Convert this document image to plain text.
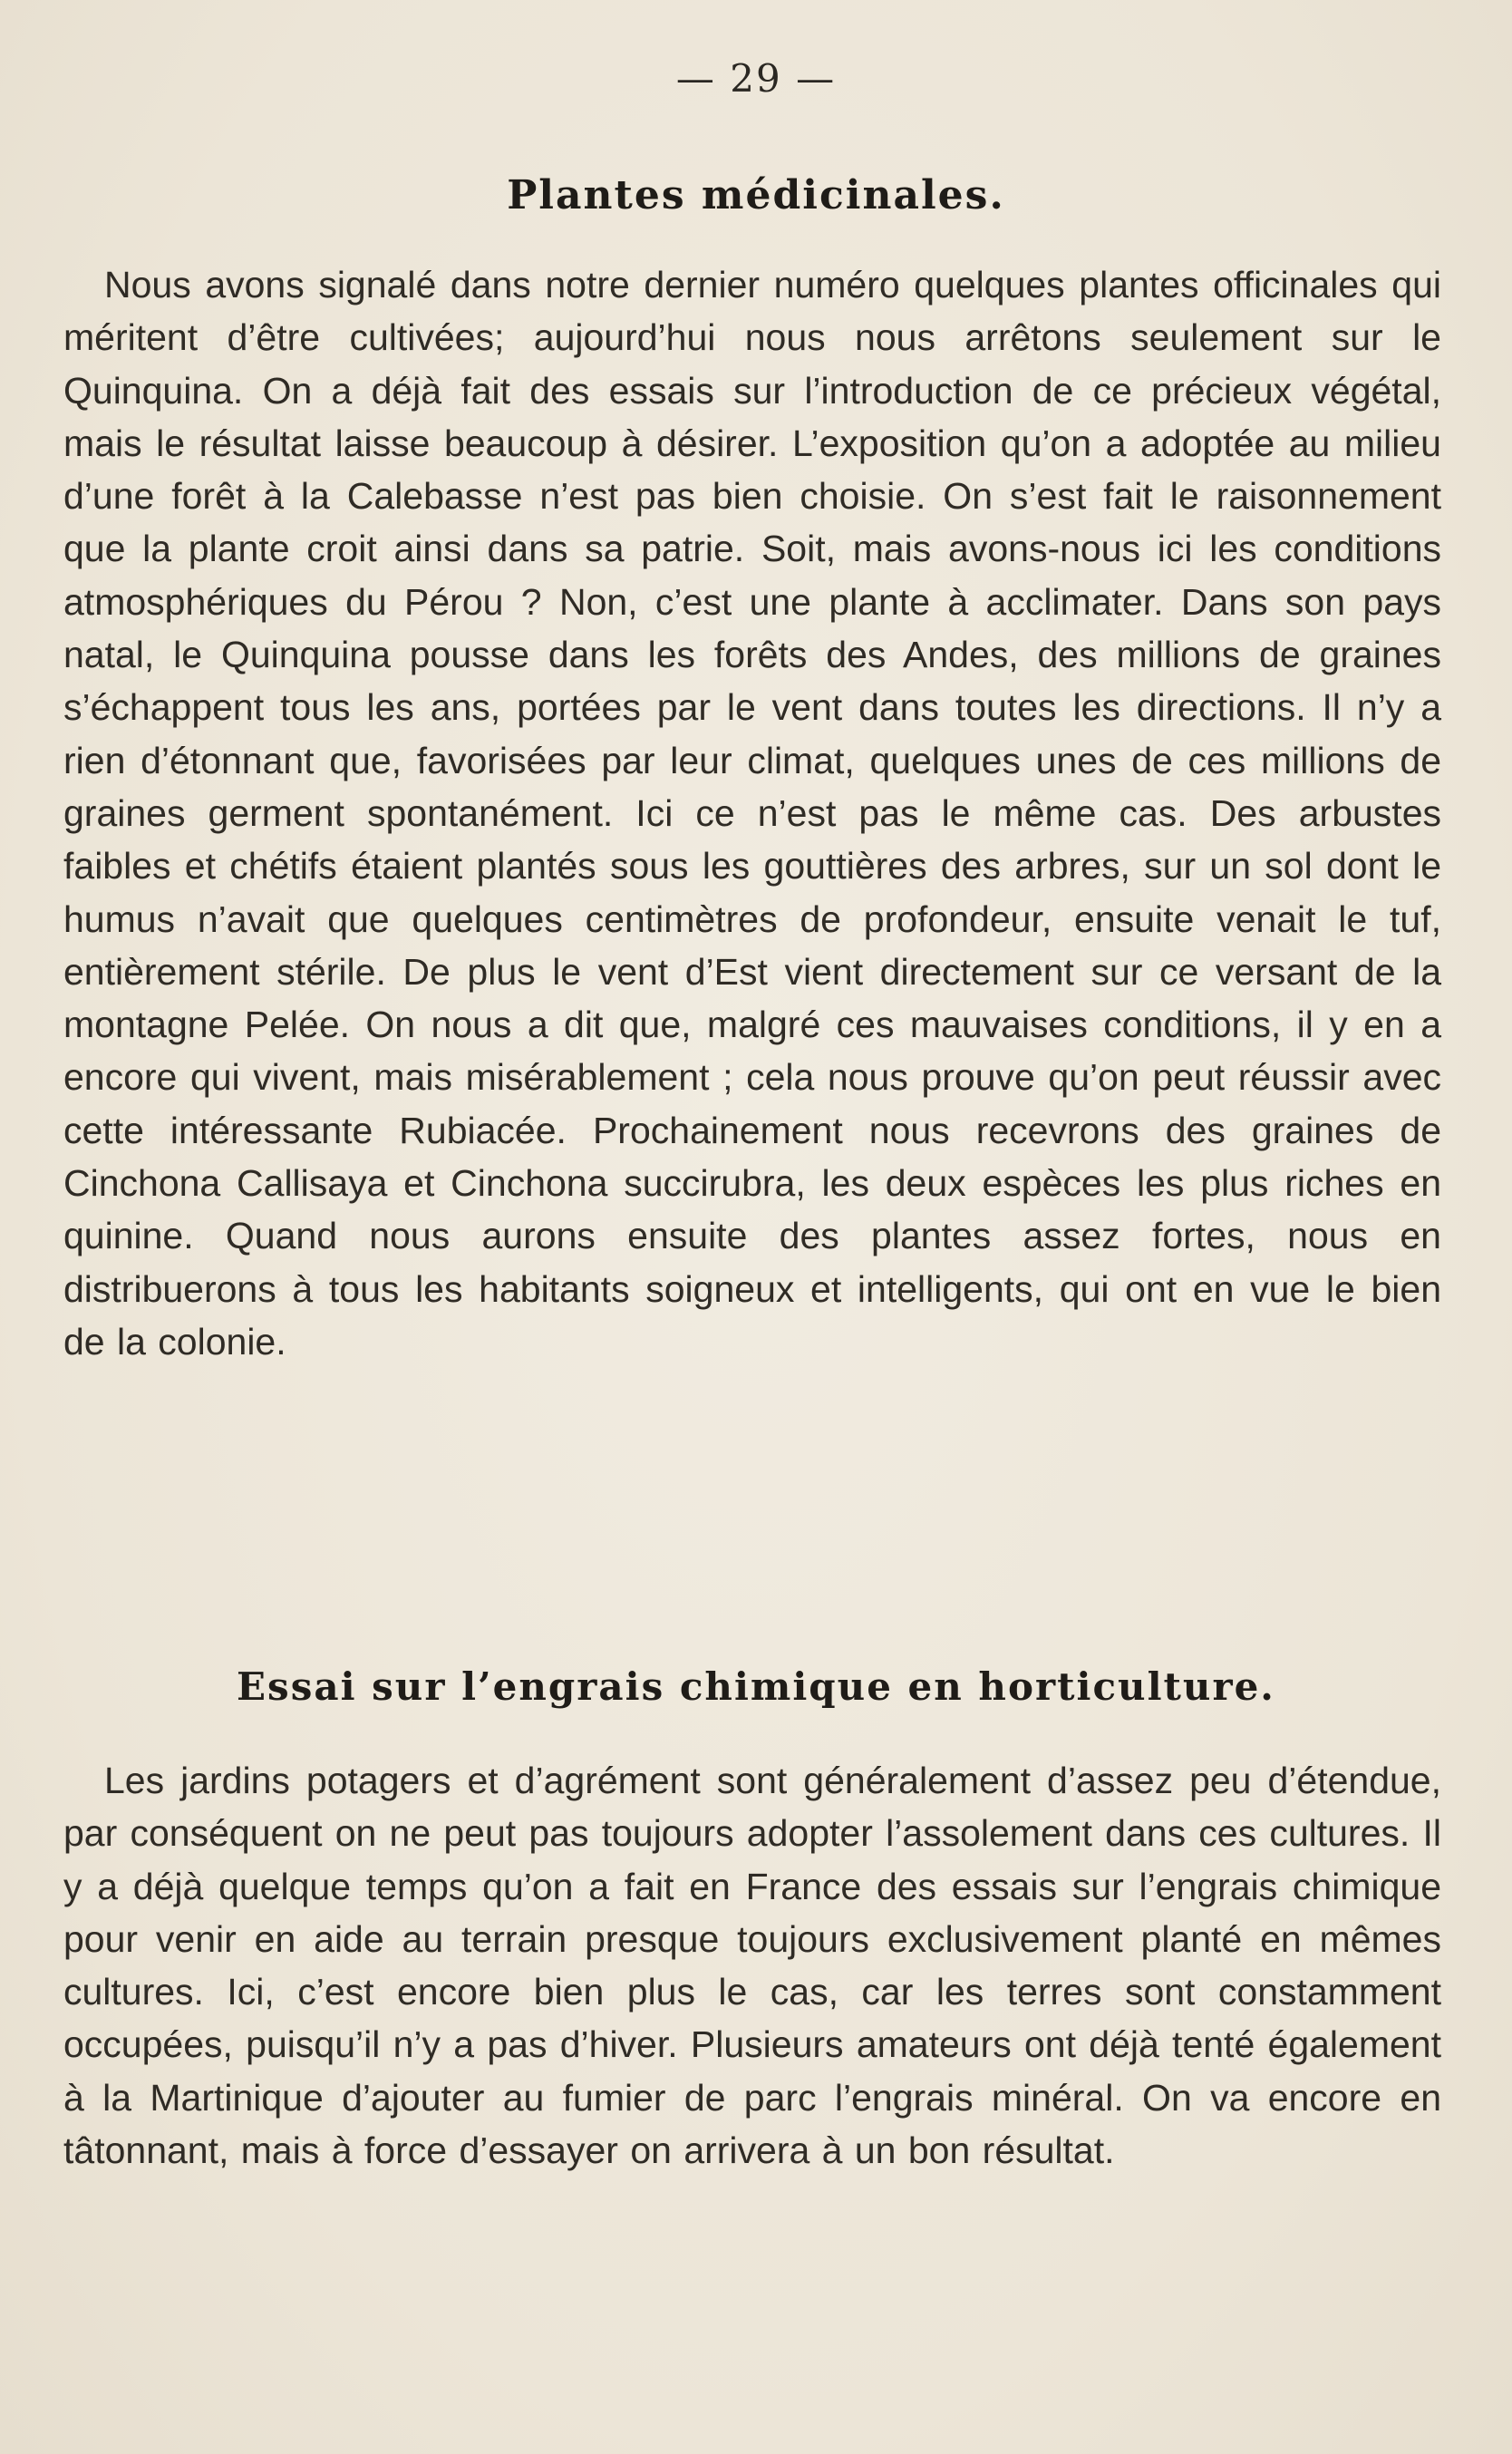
— 29 —
Plantes médicinales.

Nous avons signalé dans notre dernier numéro quelques plantes officinales qui méritent d’être cultivées; aujourd’hui nous nous arrêtons seulement sur le Quinquina. On a déjà fait des essais sur l’introduction de ce précieux végétal, mais le résultat laisse beaucoup à désirer. L’exposition qu’on a adoptée au milieu d’une forêt à la Calebasse n’est pas bien choisie. On s’est fait le raisonnement que la plante croit ainsi dans sa patrie. Soit, mais avons-nous ici les conditions atmosphériques du Pérou ? Non, c’est une plante à acclimater. Dans son pays natal, le Quinquina pousse dans les forêts des Andes, des millions de graines s’échappent tous les ans, portées par le vent dans toutes les directions. Il n’y a rien d’étonnant que, favorisées par leur climat, quelques unes de ces millions de graines germent spontanément. Ici ce n’est pas le même cas. Des arbustes faibles et chétifs étaient plantés sous les gouttières des arbres, sur un sol dont le humus n’avait que quelques centimètres de profondeur, ensuite venait le tuf, entièrement stérile. De plus le vent d’Est vient directement sur ce versant de la montagne Pelée. On nous a dit que, malgré ces mauvaises conditions, il y en a encore qui vivent, mais misérablement ; cela nous prouve qu’on peut réussir avec cette intéressante Rubiacée. Prochainement nous recevrons des graines de Cinchona Callisaya et Cinchona succirubra, les deux espèces les plus riches en quinine. Quand nous aurons ensuite des plantes assez fortes, nous en distribuerons à tous les habitants soigneux et intelligents, qui ont en vue le bien de la colonie.

Essai sur l’engrais chimique en horticulture.

Les jardins potagers et d’agrément sont généralement d’assez peu d’étendue, par conséquent on ne peut pas toujours adopter l’assolement dans ces cultures. Il y a déjà quelque temps qu’on a fait en France des essais sur l’engrais chimique pour venir en aide au terrain presque toujours exclusivement planté en mêmes cultures. Ici, c’est encore bien plus le cas, car les terres sont constamment occupées, puisqu’il n’y a pas d’hiver. Plusieurs amateurs ont déjà tenté également à la Martinique d’ajouter au fumier de parc l’engrais minéral. On va encore en tâtonnant, mais à force d’essayer on arrivera à un bon résultat.
